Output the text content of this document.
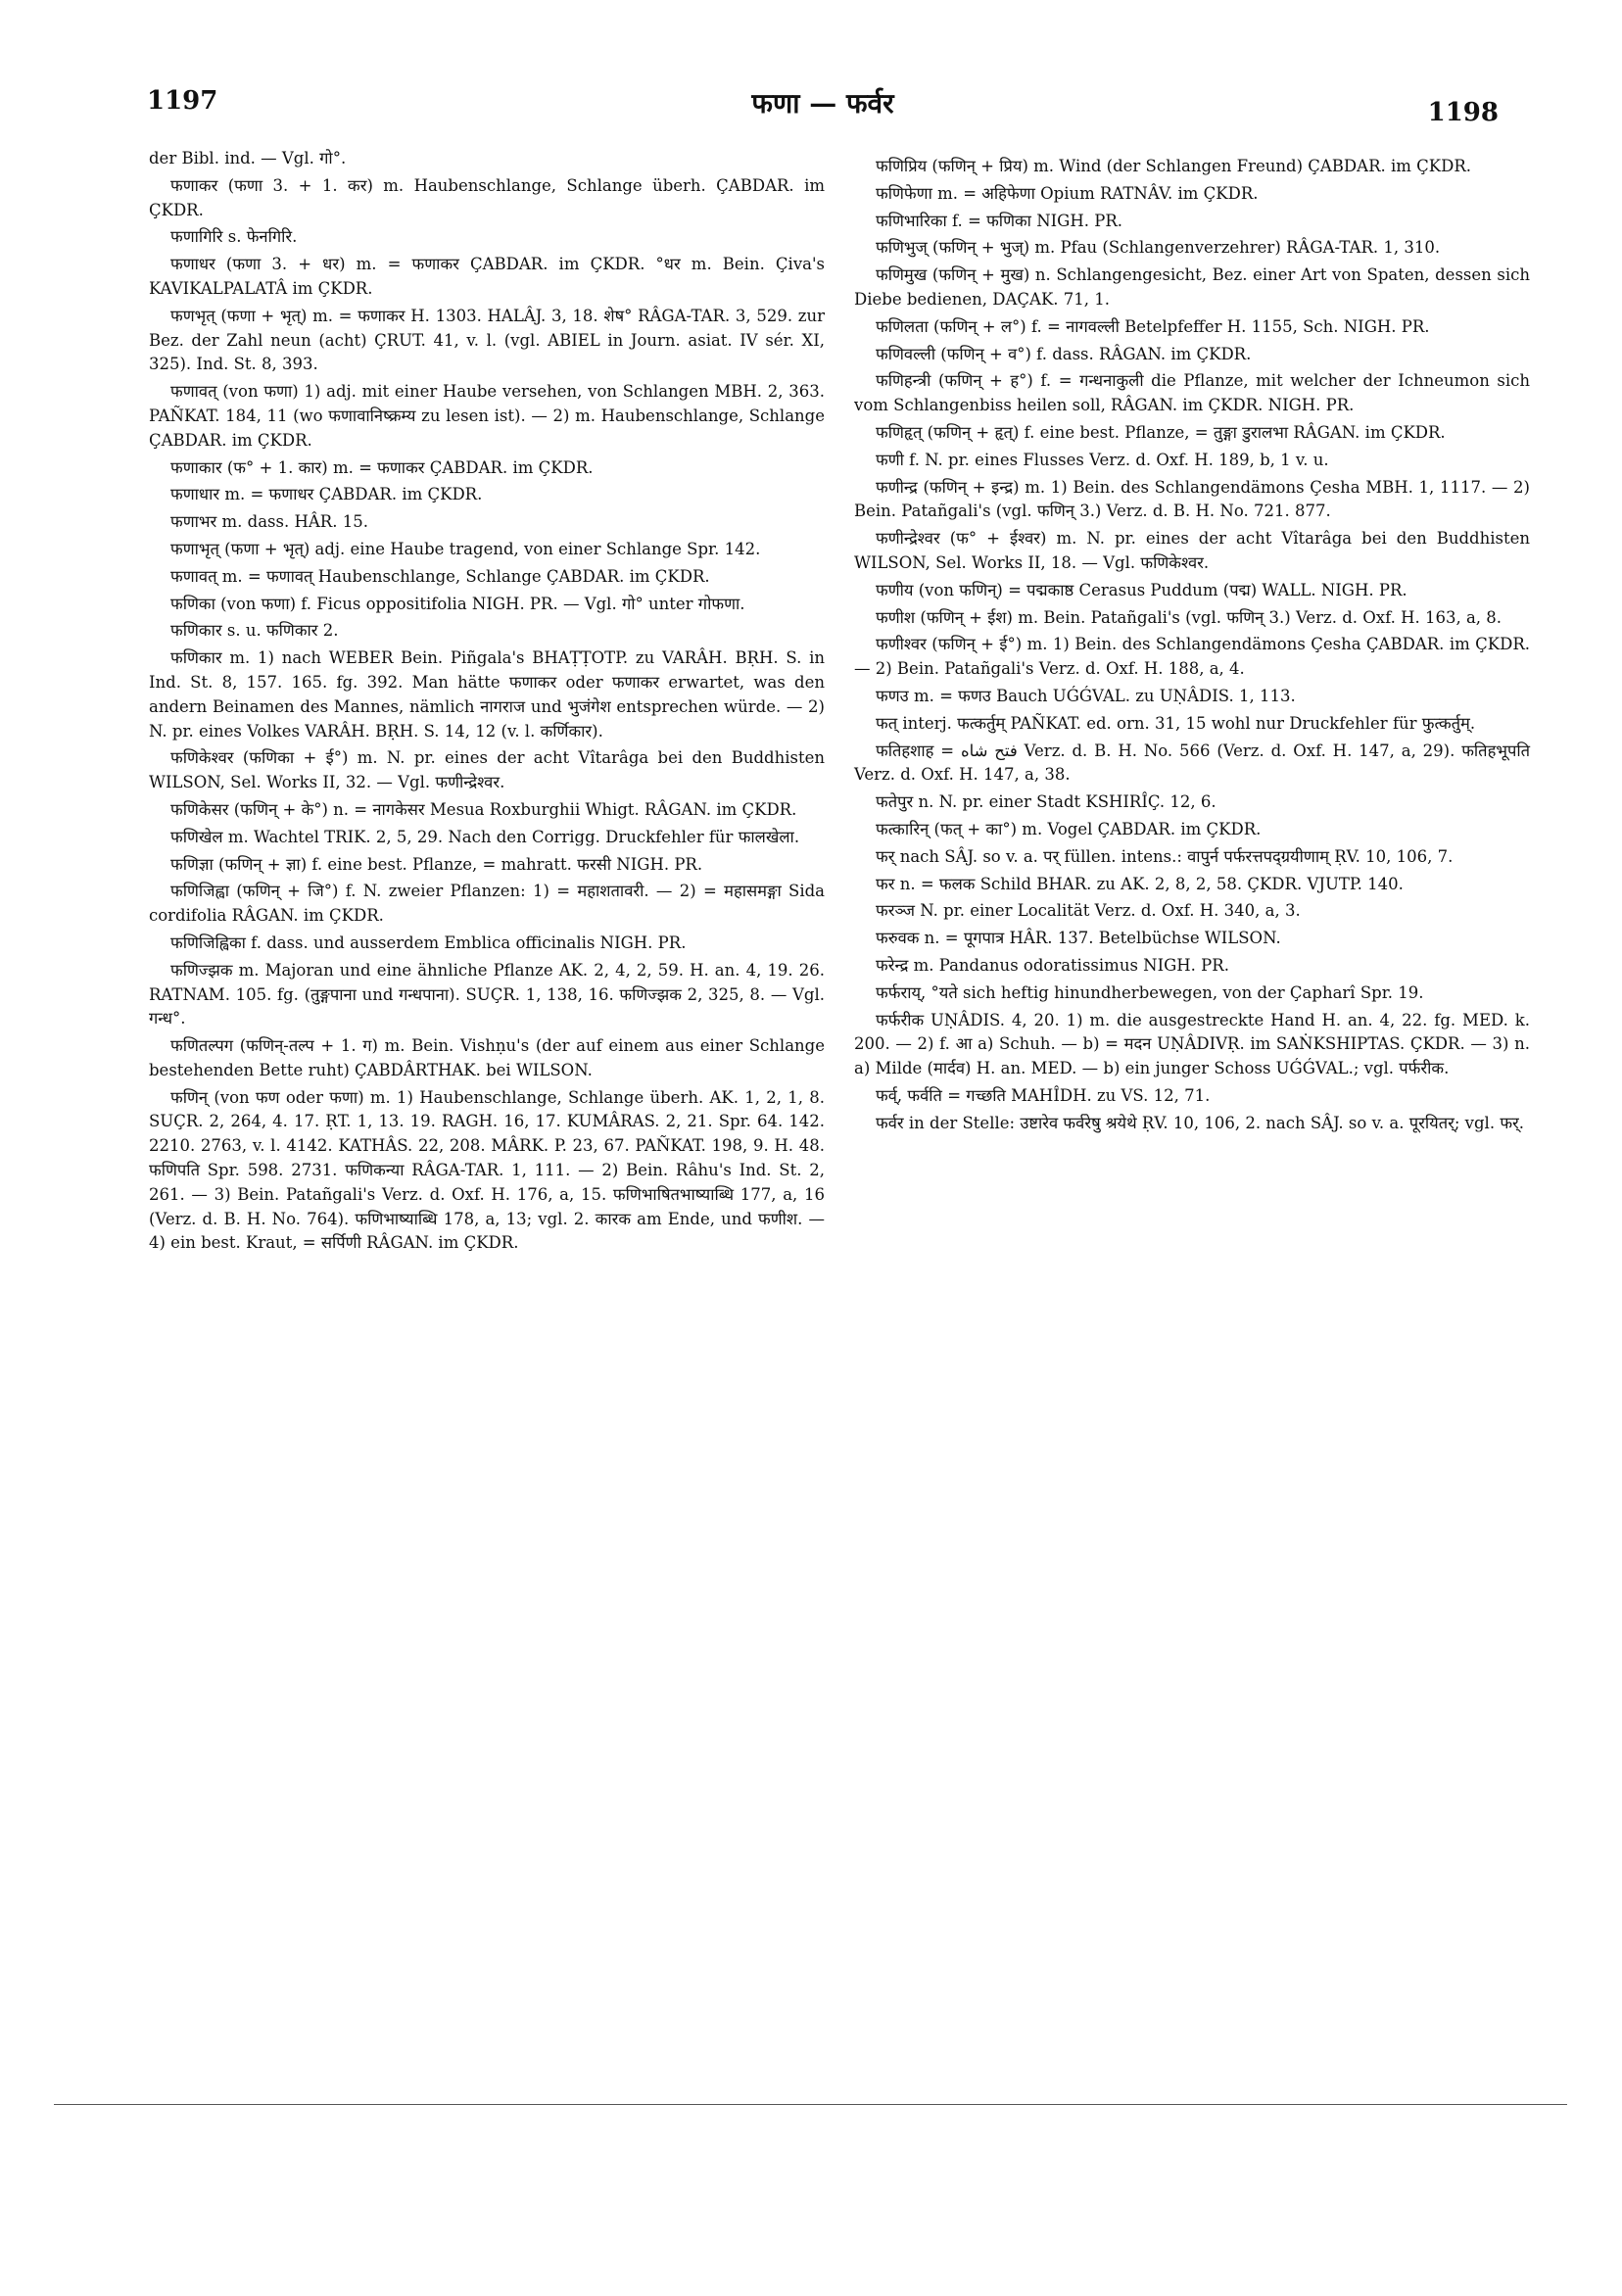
1197	फणा — फर्वर	1198

der Bibl. ind. — Vgl. गो°.

फणाकर (फणा 3. + 1. कर) m. Haubenschlange, Schlange überh. ÇABDAR. im ÇKDR.

फणागिरि s. फेनगिरि.

फणाधर (फणा 3. + धर) m. = फणाकर ÇABDAR. im ÇKDR. °धर m. Bein. Çiva's KAVIKALPALATÂ im ÇKDR.

फणभृत् (फणा + भृत्) m. = फणाकर H. 1303. HALÂJ. 3, 18. शेष° RÂGA-TAR. 3, 529. zur Bez. der Zahl neun (acht) ÇRUT. 41, v. l. (vgl. ABIEL in Journ. asiat. IV sér. XI, 325). Ind. St. 8, 393.

फणावत् (von फणा) 1) adj. mit einer Haube versehen, von Schlangen MBH. 2, 363. PAÑKAT. 184, 11 (wo फणावानिष्क्रम्य zu lesen ist). — 2) m. Haubenschlange, Schlange ÇABDAR. im ÇKDR.

फणाकार (फ° + 1. कार) m. = फणाकर ÇABDAR. im ÇKDR.

फणाधार m. = फणाधर ÇABDAR. im ÇKDR.

फणाभर m. dass. HÂR. 15.

फणाभृत् (फणा + भृत्) adj. eine Haube tragend, von einer Schlange Spr. 142.

फणावत् m. = फणावत् Haubenschlange, Schlange ÇABDAR. im ÇKDR.

फणिका (von फणा) f. Ficus oppositifolia NIGH. PR. — Vgl. गो° unter गोफणा.

फणिकार s. u. फणिकार 2.

फणिकार m. 1) nach WEBER Bein. Piñgala's BHAṬṬOTP. zu VARÂH. BṚH. S. in Ind. St. 8, 157. 165. fg. 392. Man hätte फणाकर oder फणाकर erwartet, was den andern Beinamen des Mannes, nämlich नागराज und भुजंगेश entsprechen würde. — 2) N. pr. eines Volkes VARÂH. BṚH. S. 14, 12 (v. l. कर्णिकार).

फणिकेश्वर (फणिका + ई°) m. N. pr. eines der acht Vîtarâga bei den Buddhisten WILSON, Sel. Works II, 32. — Vgl. फणीन्द्रेश्वर.

फणिकेसर (फणिन् + के°) n. = नागकेसर Mesua Roxburghii Whigt. RÂGAN. im ÇKDR.

फणिखेल m. Wachtel TRIK. 2, 5, 29. Nach den Corrigg. Druckfehler für फालखेला.

फणिज्ञा (फणिन् + ज्ञा) f. eine best. Pflanze, = mahratt. फरसी NIGH. PR.

फणिजिह्वा (फणिन् + जि°) f. N. zweier Pflanzen: 1) = महाशतावरी. — 2) = महासमङ्गा Sida cordifolia RÂGAN. im ÇKDR.

फणिजिह्विका f. dass. und ausserdem Emblica officinalis NIGH. PR.

फणिज्झक m. Majoran und eine ähnliche Pflanze AK. 2, 4, 2, 59. H. an. 4, 19. 26. RATNAM. 105. fg. (तुङ्गपाना und गन्धपाना). SUÇR. 1, 138, 16. फणिज्झक 2, 325, 8. — Vgl. गन्ध°.

फणितल्पग (फणिन्-तल्प + 1. ग) m. Bein. Vishṇu's (der auf einem aus einer Schlange bestehenden Bette ruht) ÇABDÂRTHAK. bei WILSON.

फणिन् (von फण oder फणा) m. 1) Haubenschlange, Schlange überh. AK. 1, 2, 1, 8. SUÇR. 2, 264, 4. 17. ṚT. 1, 13. 19. RAGH. 16, 17. KUMÂRAS. 2, 21. Spr. 64. 142. 2210. 2763, v. l. 4142. KATHÂS. 22, 208. MÂRK. P. 23, 67. PAÑKAT. 198, 9. H. 48. फणिपति Spr. 598. 2731. फणिकन्या RÂGA-TAR. 1, 111. — 2) Bein. Râhu's Ind. St. 2, 261. — 3) Bein. Patañgali's Verz. d. Oxf. H. 176, a, 15. फणिभाषितभाष्याब्धि 177, a, 16 (Verz. d. B. H. No. 764). फणिभाष्याब्धि 178, a, 13; vgl. 2. कारक am Ende, und फणीश. — 4) ein best. Kraut, = सर्पिणी RÂGAN. im ÇKDR.

फणिप्रिय (फणिन् + प्रिय) m. Wind (der Schlangen Freund) ÇABDAR. im ÇKDR.

फणिफेणा m. = अहिफेणा Opium RATNÂV. im ÇKDR.

फणिभारिका f. = फणिका NIGH. PR.

फणिभुज् (फणिन् + भुज्) m. Pfau (Schlangenverzehrer) RÂGA-TAR. 1, 310.

फणिमुख (फणिन् + मुख) n. Schlangengesicht, Bez. einer Art von Spaten, dessen sich Diebe bedienen, DAÇAK. 71, 1.

फणिलता (फणिन् + ल°) f. = नागवल्ली Betelpfeffer H. 1155, Sch. NIGH. PR.

फणिवल्ली (फणिन् + व°) f. dass. RÂGAN. im ÇKDR.

फणिहन्त्री (फणिन् + ह°) f. = गन्धनाकुली die Pflanze, mit welcher der Ichneumon sich vom Schlangenbiss heilen soll, RÂGAN. im ÇKDR. NIGH. PR.

फणिहृत् (फणिन् + हृत्) f. eine best. Pflanze, = तुङ्गा डुरालभा RÂGAN. im ÇKDR.

फणी f. N. pr. eines Flusses Verz. d. Oxf. H. 189, b, 1 v. u.

फणीन्द्र (फणिन् + इन्द्र) m. 1) Bein. des Schlangendämons Çesha MBH. 1, 1117. — 2) Bein. Patañgali's (vgl. फणिन् 3.) Verz. d. B. H. No. 721. 877.

फणीन्द्रेश्वर (फ° + ईश्वर) m. N. pr. eines der acht Vîtarâga bei den Buddhisten WILSON, Sel. Works II, 18. — Vgl. फणिकेश्वर.

फणीय (von फणिन्) = पद्मकाष्ठ Cerasus Puddum (पद्म) WALL. NIGH. PR.

फणीश (फणिन् + ईश) m. Bein. Patañgali's (vgl. फणिन् 3.) Verz. d. Oxf. H. 163, a, 8.

फणीश्वर (फणिन् + ई°) m. 1) Bein. des Schlangendämons Çesha ÇABDAR. im ÇKDR. — 2) Bein. Patañgali's Verz. d. Oxf. H. 188, a, 4.

फणउ m. = फणउ Bauch UǴǴVAL. zu UṆÂDIS. 1, 113.

फत् interj. फत्कर्तुम् PAÑKAT. ed. orn. 31, 15 wohl nur Druckfehler für फुत्कर्तुम्.

फतिहशाह = فتح شاه Verz. d. B. H. No. 566 (Verz. d. Oxf. H. 147, a, 29). फतिहभूपति Verz. d. Oxf. H. 147, a, 38.

फतेपुर n. N. pr. einer Stadt KSHIRÎÇ. 12, 6.

फत्कारिन् (फत् + का°) m. Vogel ÇABDAR. im ÇKDR.

फर् nach SÂJ. so v. a. पर् füllen. intens.: वापुर्न पर्फरत्तपद्ग्रयीणाम् ṚV. 10, 106, 7.

फर n. = फलक Schild BHAR. zu AK. 2, 8, 2, 58. ÇKDR. VJUTP. 140.

फरञ्ज N. pr. einer Localität Verz. d. Oxf. H. 340, a, 3.

फरुवक n. = पूगपात्र HÂR. 137. Betelbüchse WILSON.

फरेन्द्र m. Pandanus odoratissimus NIGH. PR.

फर्फराय्, °यते sich heftig hinundherbewegen, von der Çapharî Spr. 19.

फर्फरीक UṆÂDIS. 4, 20. 1) m. die ausgestreckte Hand H. an. 4, 22. fg. MED. k. 200. — 2) f. आ a) Schuh. — b) = मदन UṆÂDIVṚ. im SAṄKSHIPTAS. ÇKDR. — 3) n. a) Milde (मार्दव) H. an. MED. — b) ein junger Schoss UǴǴVAL.; vgl. पर्फरीक.

फर्व्, फर्वति = गच्छति MAHÎDH. zu VS. 12, 71.

फर्वर in der Stelle: उष्टारेव फर्वरेषु श्रयेथे ṚV. 10, 106, 2. nach SÂJ. so v. a. पूरयितर्; vgl. फर्.
